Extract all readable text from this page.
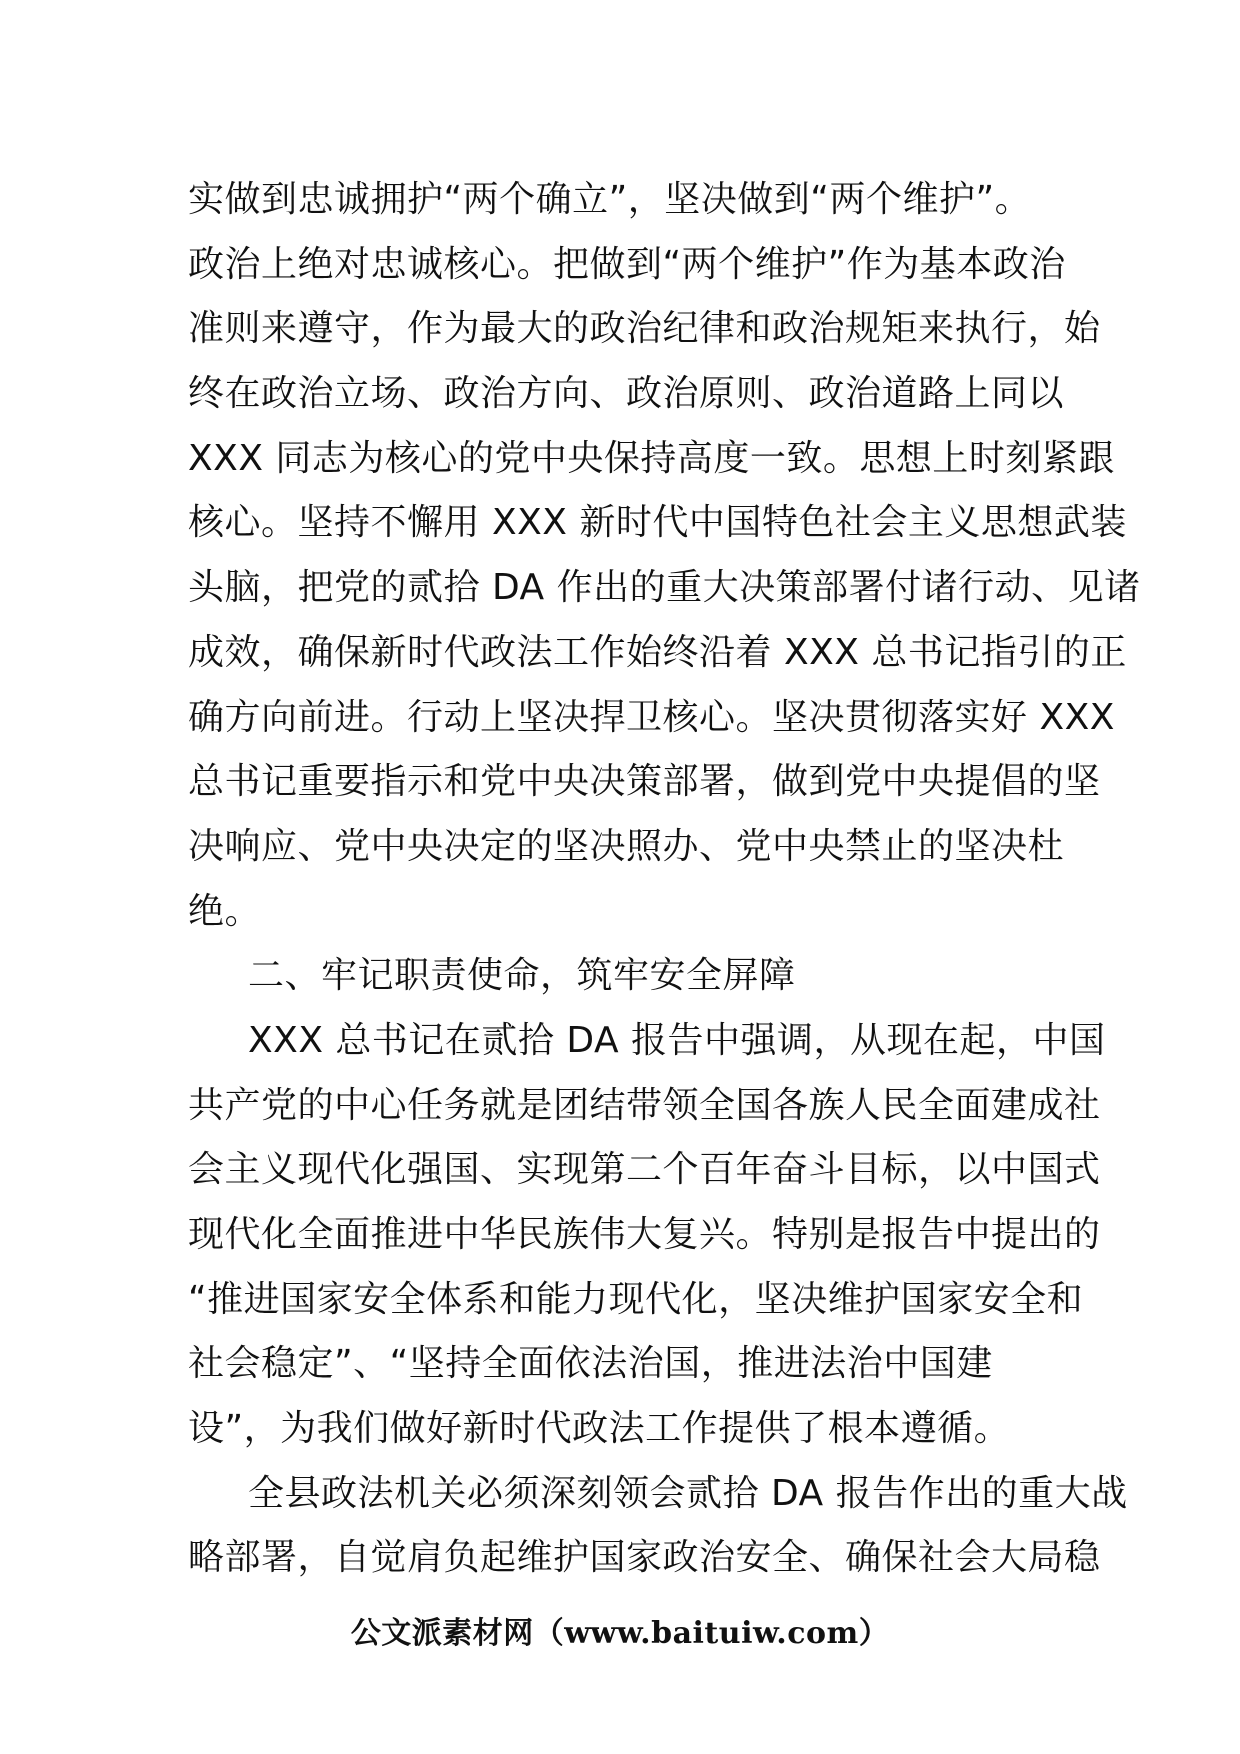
实做到忠诚拥护“两个确立”，坚决做到“两个维护”。
政治上绝对忠诚核心。把做到“两个维护”作为基本政治
准则来遵守，作为最大的政治纪律和政治规矩来执行，始
终在政治立场、政治方向、政治原则、政治道路上同以
XXX 同志为核心的党中央保持高度一致。思想上时刻紧跟
核心。坚持不懈用 XXX 新时代中国特色社会主义思想武装
头脑，把党的贰拾 DA 作出的重大决策部署付诸行动、见诸
成效，确保新时代政法工作始终沿着 XXX 总书记指引的正
确方向前进。行动上坚决捍卫核心。坚决贯彻落实好 XXX
总书记重要指示和党中央决策部署，做到党中央提倡的坚
决响应、党中央决定的坚决照办、党中央禁止的坚决杜
绝。
二、牢记职责使命，筑牢安全屏障
XXX 总书记在贰拾 DA 报告中强调，从现在起，中国
共产党的中心任务就是团结带领全国各族人民全面建成社
会主义现代化强国、实现第二个百年奋斗目标，以中国式
现代化全面推进中华民族伟大复兴。特别是报告中提出的
“推进国家安全体系和能力现代化，坚决维护国家安全和
社会稳定”、“坚持全面依法治国，推进法治中国建
设”，为我们做好新时代政法工作提供了根本遵循。
全县政法机关必须深刻领会贰拾 DA 报告作出的重大战
略部署，自觉肩负起维护国家政治安全、确保社会大局稳
公文派素材网（www.baituiw.com）
